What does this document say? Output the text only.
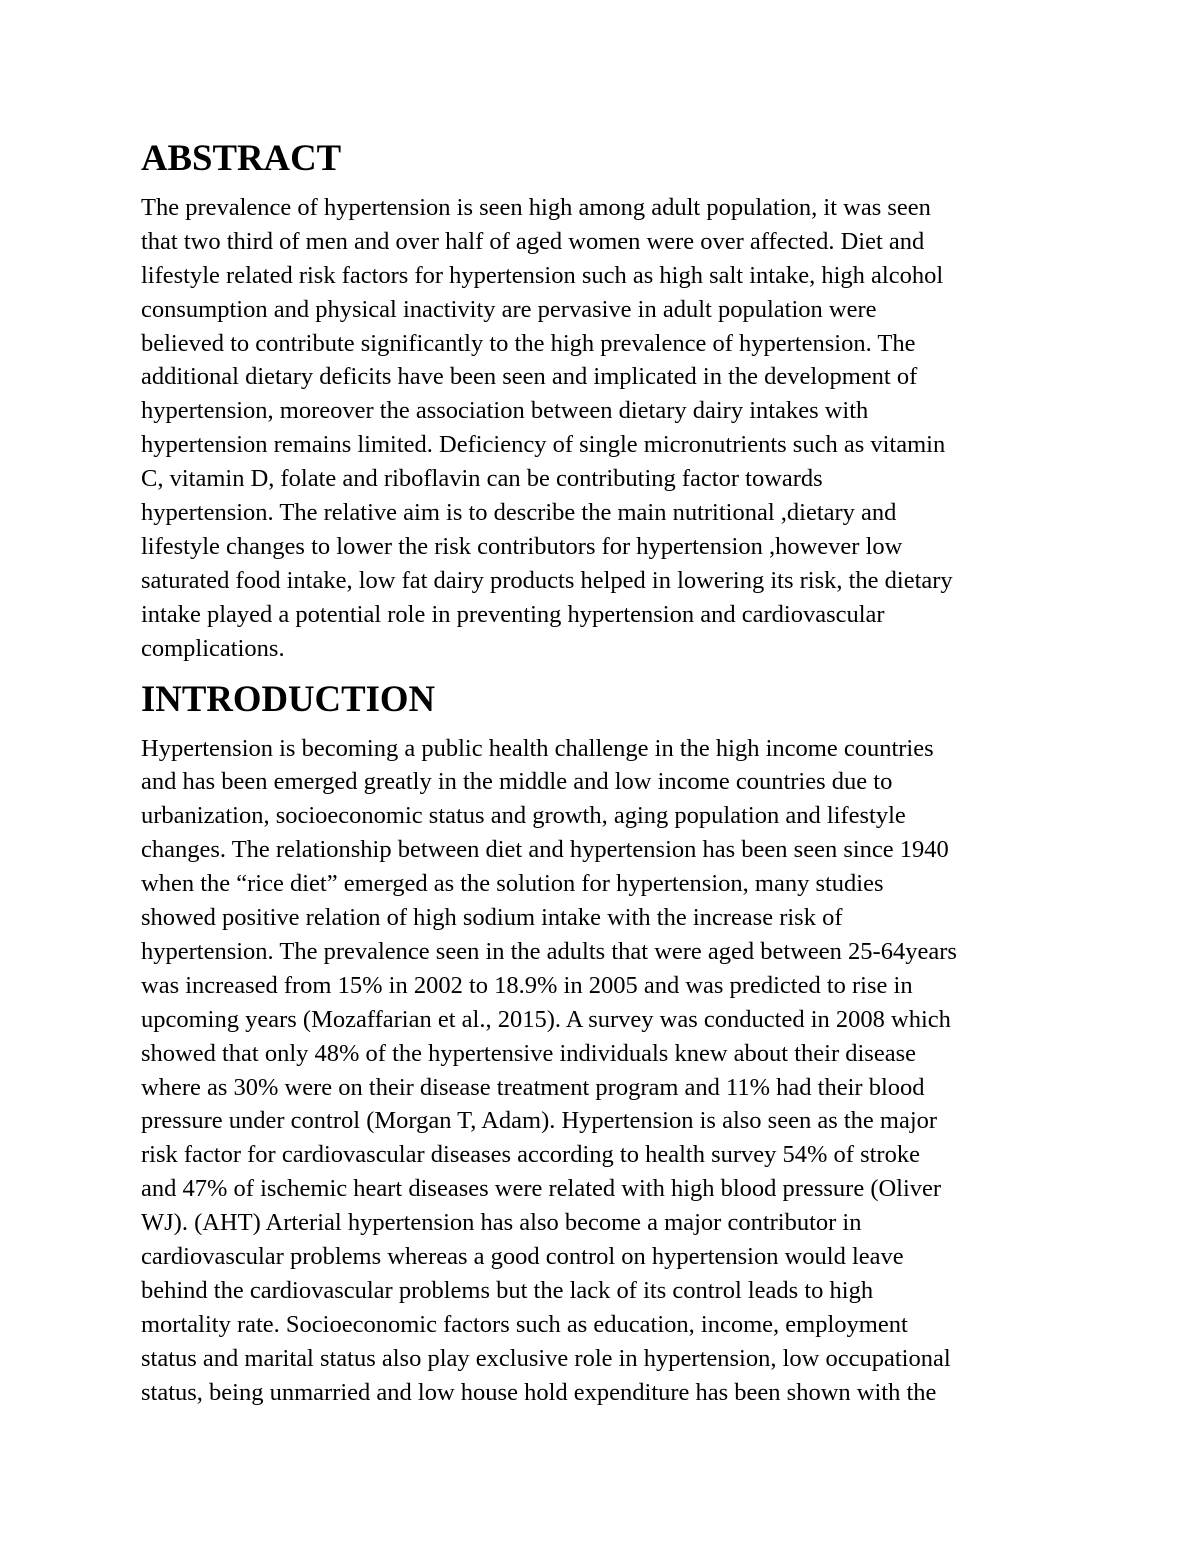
ABSTRACT
The prevalence of hypertension is seen high among adult population, it was seen
that two third of men and over half of aged women were over affected. Diet and
lifestyle related risk factors for hypertension such as high salt intake, high alcohol
consumption and physical inactivity are pervasive in adult population were
believed to contribute significantly to the high prevalence of hypertension. The
additional dietary deficits have been seen and implicated in the development of
hypertension, moreover the association between dietary dairy intakes with
hypertension remains limited. Deficiency of single micronutrients such as vitamin
C, vitamin D, folate and riboflavin can be contributing factor towards
hypertension. The relative aim is to describe the main nutritional ,dietary and
lifestyle changes to lower the risk contributors for hypertension ,however low
saturated food intake, low fat dairy products helped in lowering its risk, the dietary
intake played a potential role in preventing hypertension and cardiovascular
complications.
INTRODUCTION
Hypertension is becoming a public health challenge in the high income countries
and has been emerged greatly in the middle and low income countries due to
urbanization, socioeconomic status and growth, aging population and lifestyle
changes. The relationship between diet and hypertension has been seen since 1940
when the “rice diet” emerged as the solution for hypertension, many studies
showed positive relation of high sodium intake with the increase risk of
hypertension. The prevalence seen in the adults that were aged between 25-64years
was increased from 15% in 2002 to 18.9% in 2005 and was predicted to rise in
upcoming years (Mozaffarian et al., 2015). A survey was conducted in 2008 which
showed that only 48% of the hypertensive individuals knew about their disease
where as 30% were on their disease treatment program and 11% had their blood
pressure under control (Morgan T, Adam). Hypertension is also seen as the major
risk factor for cardiovascular diseases according to health survey 54% of stroke
and 47% of ischemic heart diseases were related with high blood pressure (Oliver
WJ). (AHT) Arterial hypertension has also become a major contributor in
cardiovascular problems whereas a good control on hypertension would leave
behind the cardiovascular problems but the lack of its control leads to high
mortality rate. Socioeconomic factors such as education, income, employment
status and marital status also play exclusive role in hypertension, low occupational
status, being unmarried and low house hold expenditure has been shown with the
